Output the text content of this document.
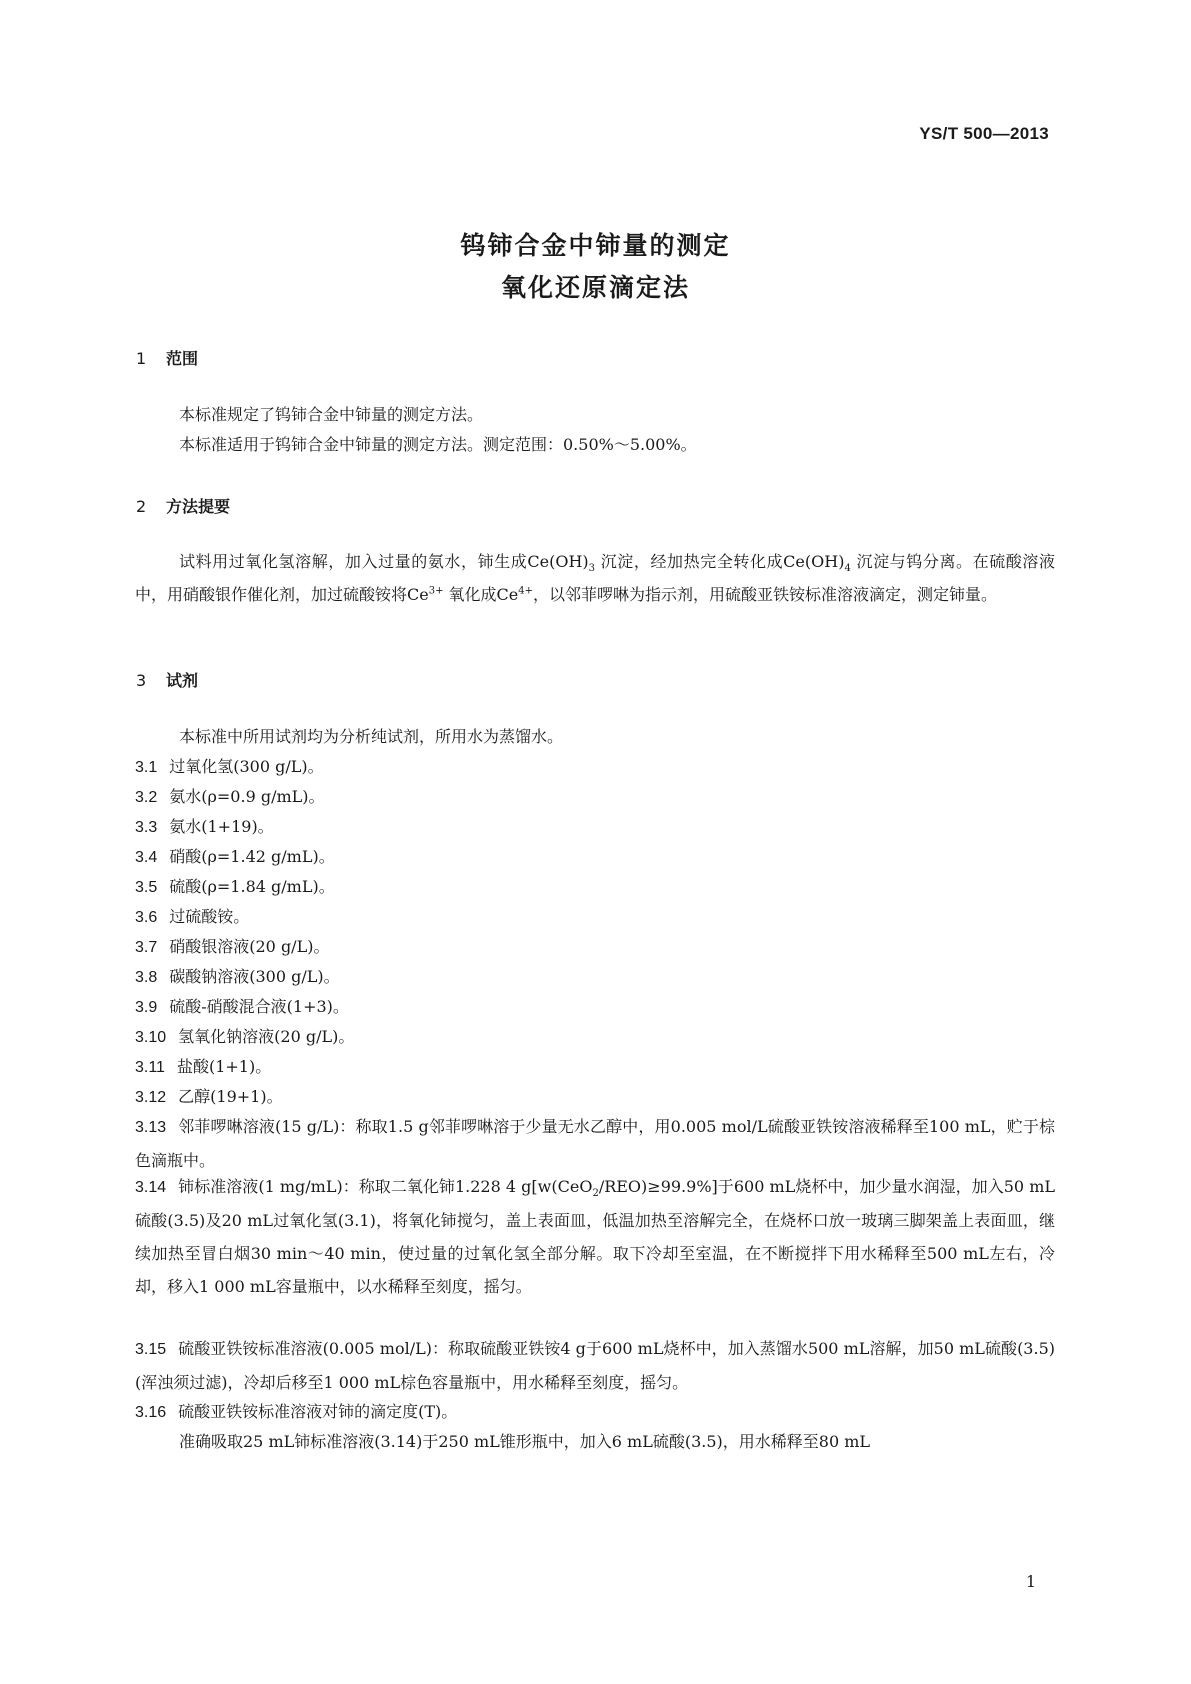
YS/T 500—2013
钨铈合金中铈量的测定
氧化还原滴定法
1 范围
本标准规定了钨铈合金中铈量的测定方法。
本标准适用于钨铈合金中铈量的测定方法。测定范围：0.50%～5.00%。
2 方法提要
试料用过氧化氢溶解，加入过量的氨水，铈生成$Ce(OH)_3$ 沉淀，经加热完全转化成$Ce(OH)_4$ 沉淀与钨分离。在硫酸溶液中，用硝酸银作催化剂，加过硫酸铵将$Ce^{3+}$ 氧化成$Ce^{4+}$，以邻菲啰啉为指示剂，用硫酸亚铁铵标准溶液滴定，测定铈量。
3 试剂
本标准中所用试剂均为分析纯试剂，所用水为蒸馏水。
3.1 过氧化氢(300 g/L)。
3.2 氨水(ρ=0.9 g/mL)。
3.3 氨水(1+19)。
3.4 硝酸(ρ=1.42 g/mL)。
3.5 硫酸(ρ=1.84 g/mL)。
3.6 过硫酸铵。
3.7 硝酸银溶液(20 g/L)。
3.8 碳酸钠溶液(300 g/L)。
3.9 硫酸-硝酸混合液(1+3)。
3.10 氢氧化钠溶液(20 g/L)。
3.11 盐酸(1+1)。
3.12 乙醇(19+1)。
3.13 邻菲啰啉溶液(15 g/L)：称取1.5 g邻菲啰啉溶于少量无水乙醇中，用0.005 mol/L硫酸亚铁铵溶液稀释至100 mL，贮于棕色滴瓶中。
3.14 铈标准溶液(1 mg/mL)：称取二氧化铈1.228 4 g[w(CeO$_2$/REO)≥99.9%]于600 mL烧杯中，加少量水润湿，加入50 mL硫酸(3.5)及20 mL过氧化氢(3.1)，将氧化铈搅匀，盖上表面皿，低温加热至溶解完全，在烧杯口放一玻璃三脚架盖上表面皿，继续加热至冒白烟30 min～40 min，使过量的过氧化氢全部分解。取下冷却至室温，在不断搅拌下用水稀释至500 mL左右，冷却，移入1 000 mL容量瓶中，以水稀释至刻度，摇匀。
3.15 硫酸亚铁铵标准溶液(0.005 mol/L)：称取硫酸亚铁铵4 g于600 mL烧杯中，加入蒸馏水500 mL溶解，加50 mL硫酸(3.5)(浑浊须过滤)，冷却后移至1 000 mL棕色容量瓶中，用水稀释至刻度，摇匀。
3.16 硫酸亚铁铵标准溶液对铈的滴定度(T)。
准确吸取25 mL铈标准溶液(3.14)于250 mL锥形瓶中，加入6 mL硫酸(3.5)，用水稀释至80 mL
1
